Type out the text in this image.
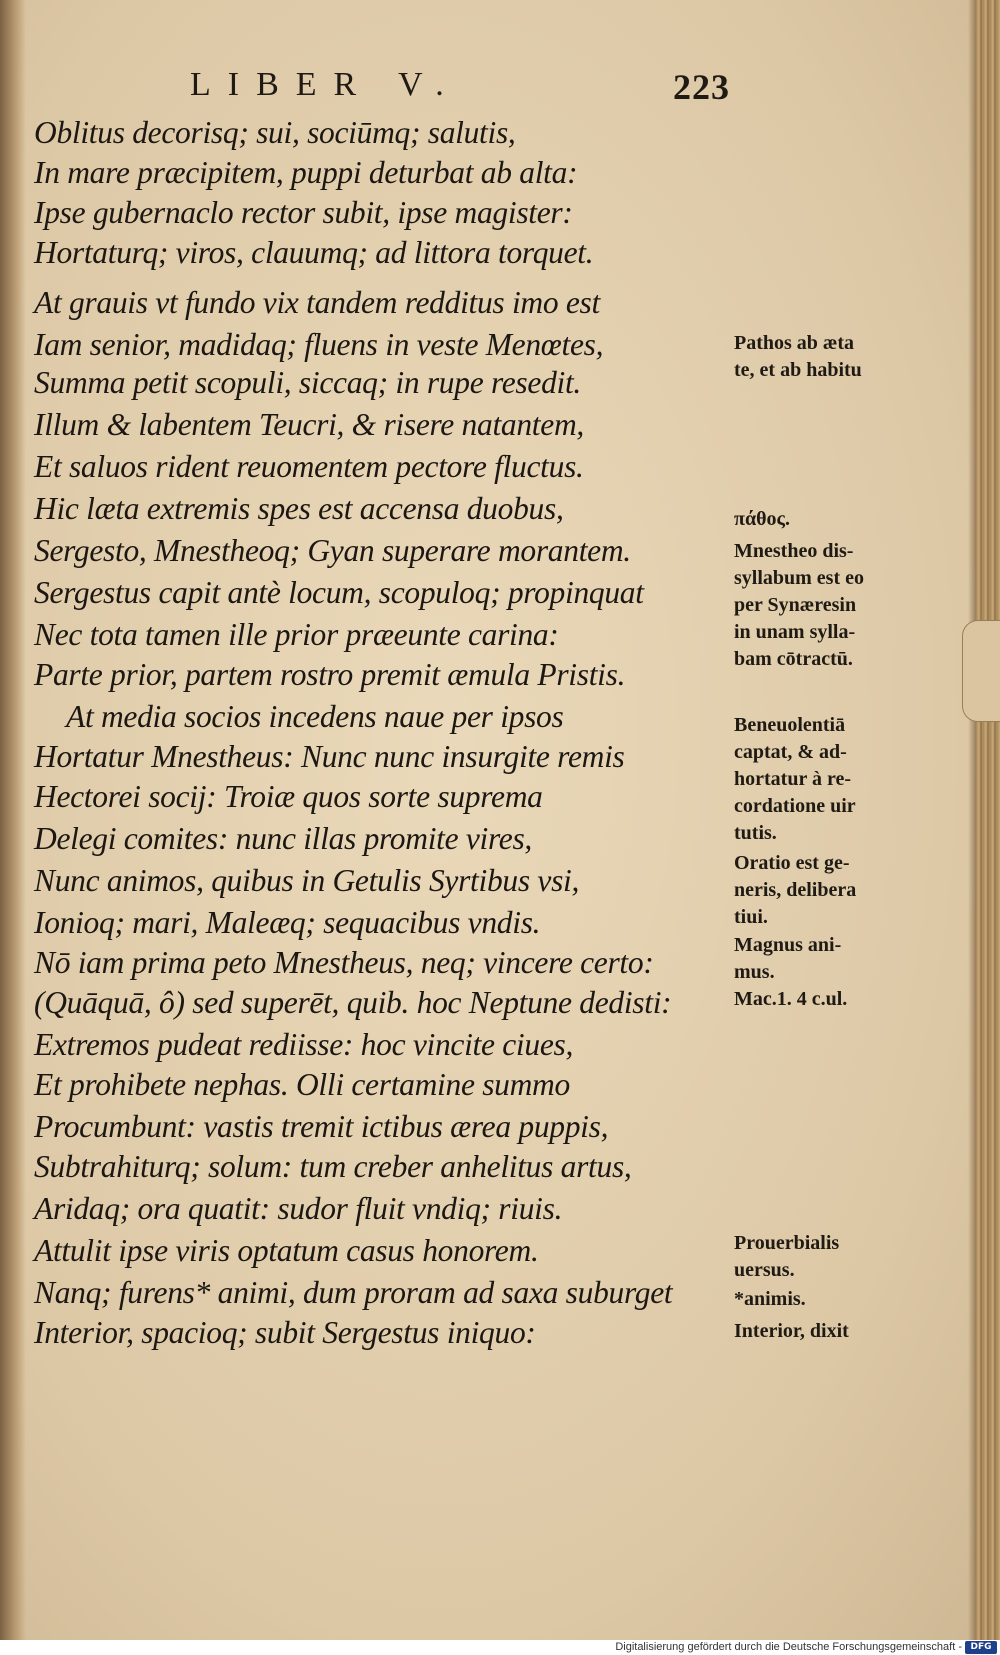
LIBER V.	223
Oblitus decorisq; sui, sociūmq; salutis,
In mare præcipitem, puppi deturbat ab alta:
Ipse gubernaclo rector subit, ipse magister:
Hortaturq; viros, clauumq; ad littora torquet.
At grauis vt fundo vix tandem redditus imo est
Iam senior, madidaq; fluens in veste Menœtes,
Summa petit scopuli, siccaq; in rupe resedit.
Illum & labentem Teucri, & risere natantem,
Et saluos rident reuomentem pectore fluctus.
Hic læta extremis spes est accensa duobus,
Sergesto, Mnestheoq; Gyan superare morantem.
Sergestus capit antè locum, scopuloq; propinquat
Nec tota tamen ille prior præeunte carina:
Parte prior, partem rostro premit æmula Pristis.
At media socios incedens naue per ipsos
Hortatur Mnestheus: Nunc nunc insurgite remis
Hectorei socij: Troiæ quos sorte suprema
Delegi comites: nunc illas promite vires,
Nunc animos, quibus in Getulis Syrtibus vsi,
Ionioq; mari, Maleæq; sequacibus vndis.
Nō iam prima peto Mnestheus, neq; vincere certo:
(Quāquā, ô) sed superēt, quib. hoc Neptune dedisti:
Extremos pudeat rediisse: hoc vincite ciues,
Et prohibete nephas. Olli certamine summo
Procumbunt: vastis tremit ictibus ærea puppis,
Subtrahiturq; solum: tum creber anhelitus artus,
Aridaq; ora quatit: sudor fluit vndiq; riuis.
Attulit ipse viris optatum casus honorem.
Nanq; furens* animi, dum proram ad saxa suburget
Interior, spacioq; subit Sergestus iniquo:
Pathos ab æta
te, et ab habitu
πάθος.
Mnestheo dis-
syllabum est eo
per Synæresin
in unam sylla-
bam cōtractū.
Beneuolentiā
captat, & ad-
hortatur à re-
cordatione uir
tutis.
Oratio est ge-
neris, delibera
tiui.
Magnus ani-
mus.
Mac.1. 4 c.ul.
Prouerbialis
uersus.
*animis.
Interior, dixit
Digitalisierung gefördert durch die Deutsche Forschungsgemeinschaft - DFG
